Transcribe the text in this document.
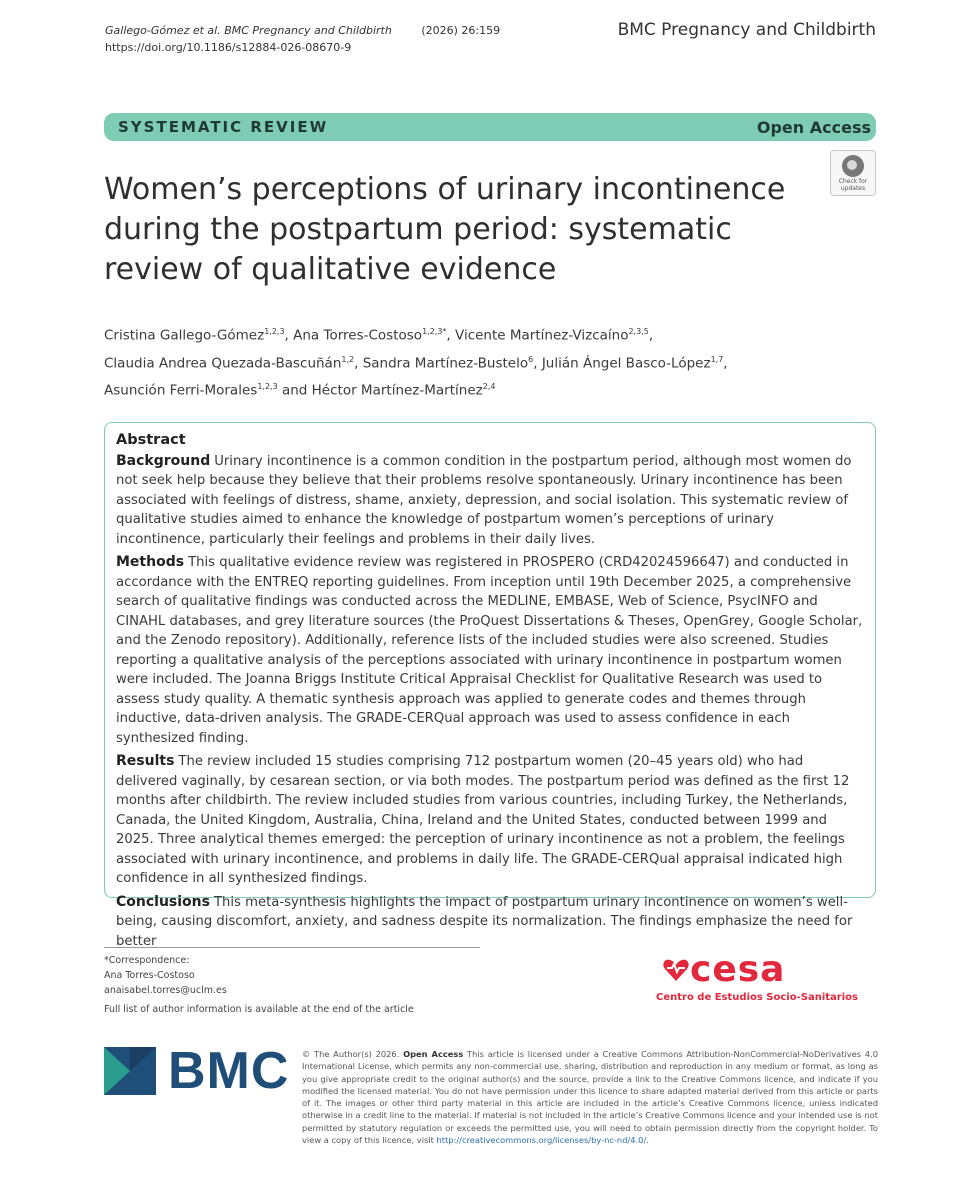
Gallego-Gómez et al. BMC Pregnancy and Childbirth	(2026) 26:159
https://doi.org/10.1186/s12884-026-08670-9
BMC Pregnancy and Childbirth
SYSTEMATIC REVIEW	Open Access
Check for updates
Women’s perceptions of urinary incontinence during the postpartum period: systematic review of qualitative evidence
Cristina Gallego-Gómez$^{1,2,3}$, Ana Torres-Costoso$^{1,2,3*}$, Vicente Martínez-Vizcaíno$^{2,3,5}$,
Claudia Andrea Quezada-Bascuñán$^{1,2}$, Sandra Martínez-Bustelo$^6$, Julián Ángel Basco-López$^{1,7}$,
Asunción Ferri-Morales$^{1,2,3}$ and Héctor Martínez-Martínez$^{2,4}$
Abstract

Background Urinary incontinence is a common condition in the postpartum period, although most women do not seek help because they believe that their problems resolve spontaneously. Urinary incontinence has been associated with feelings of distress, shame, anxiety, depression, and social isolation. This systematic review of qualitative studies aimed to enhance the knowledge of postpartum women’s perceptions of urinary incontinence, particularly their feelings and problems in their daily lives.

Methods This qualitative evidence review was registered in PROSPERO (CRD42024596647) and conducted in accordance with the ENTREQ reporting guidelines. From inception until 19th December 2025, a comprehensive search of qualitative findings was conducted across the MEDLINE, EMBASE, Web of Science, PsycINFO and CINAHL databases, and grey literature sources (the ProQuest Dissertations & Theses, OpenGrey, Google Scholar, and the Zenodo repository). Additionally, reference lists of the included studies were also screened. Studies reporting a qualitative analysis of the perceptions associated with urinary incontinence in postpartum women were included. The Joanna Briggs Institute Critical Appraisal Checklist for Qualitative Research was used to assess study quality. A thematic synthesis approach was applied to generate codes and themes through inductive, data-driven analysis. The GRADE-CERQual approach was used to assess confidence in each synthesized finding.

Results The review included 15 studies comprising 712 postpartum women (20–45 years old) who had delivered vaginally, by cesarean section, or via both modes. The postpartum period was defined as the first 12 months after childbirth. The review included studies from various countries, including Turkey, the Netherlands, Canada, the United Kingdom, Australia, China, Ireland and the United States, conducted between 1999 and 2025. Three analytical themes emerged: the perception of urinary incontinence as not a problem, the feelings associated with urinary incontinence, and problems in daily life. The GRADE-CERQual appraisal indicated high confidence in all synthesized findings.

Conclusions This meta-synthesis highlights the impact of postpartum urinary incontinence on women’s well-being, causing discomfort, anxiety, and sadness despite its normalization. The findings emphasize the need for better

*Correspondence:
Ana Torres-Costoso
anaisabel.torres@uclm.es
Full list of author information is available at the end of the article
cesa
Centro de Estudios Socio-Sanitarios
BMC © The Author(s) 2026. Open Access This article is licensed under a Creative Commons Attribution-NonCommercial-NoDerivatives 4.0 International License, which permits any non-commercial use, sharing, distribution and reproduction in any medium or format, as long as you give appropriate credit to the original author(s) and the source, provide a link to the Creative Commons licence, and indicate if you modified the licensed material. You do not have permission under this licence to share adapted material derived from this article or parts of it. The images or other third party material in this article are included in the article’s Creative Commons licence, unless indicated otherwise in a credit line to the material. If material is not included in the article’s Creative Commons licence and your intended use is not permitted by statutory regulation or exceeds the permitted use, you will need to obtain permission directly from the copyright holder. To view a copy of this licence, visit http://creativecommons.org/licenses/by-nc-nd/4.0/.
